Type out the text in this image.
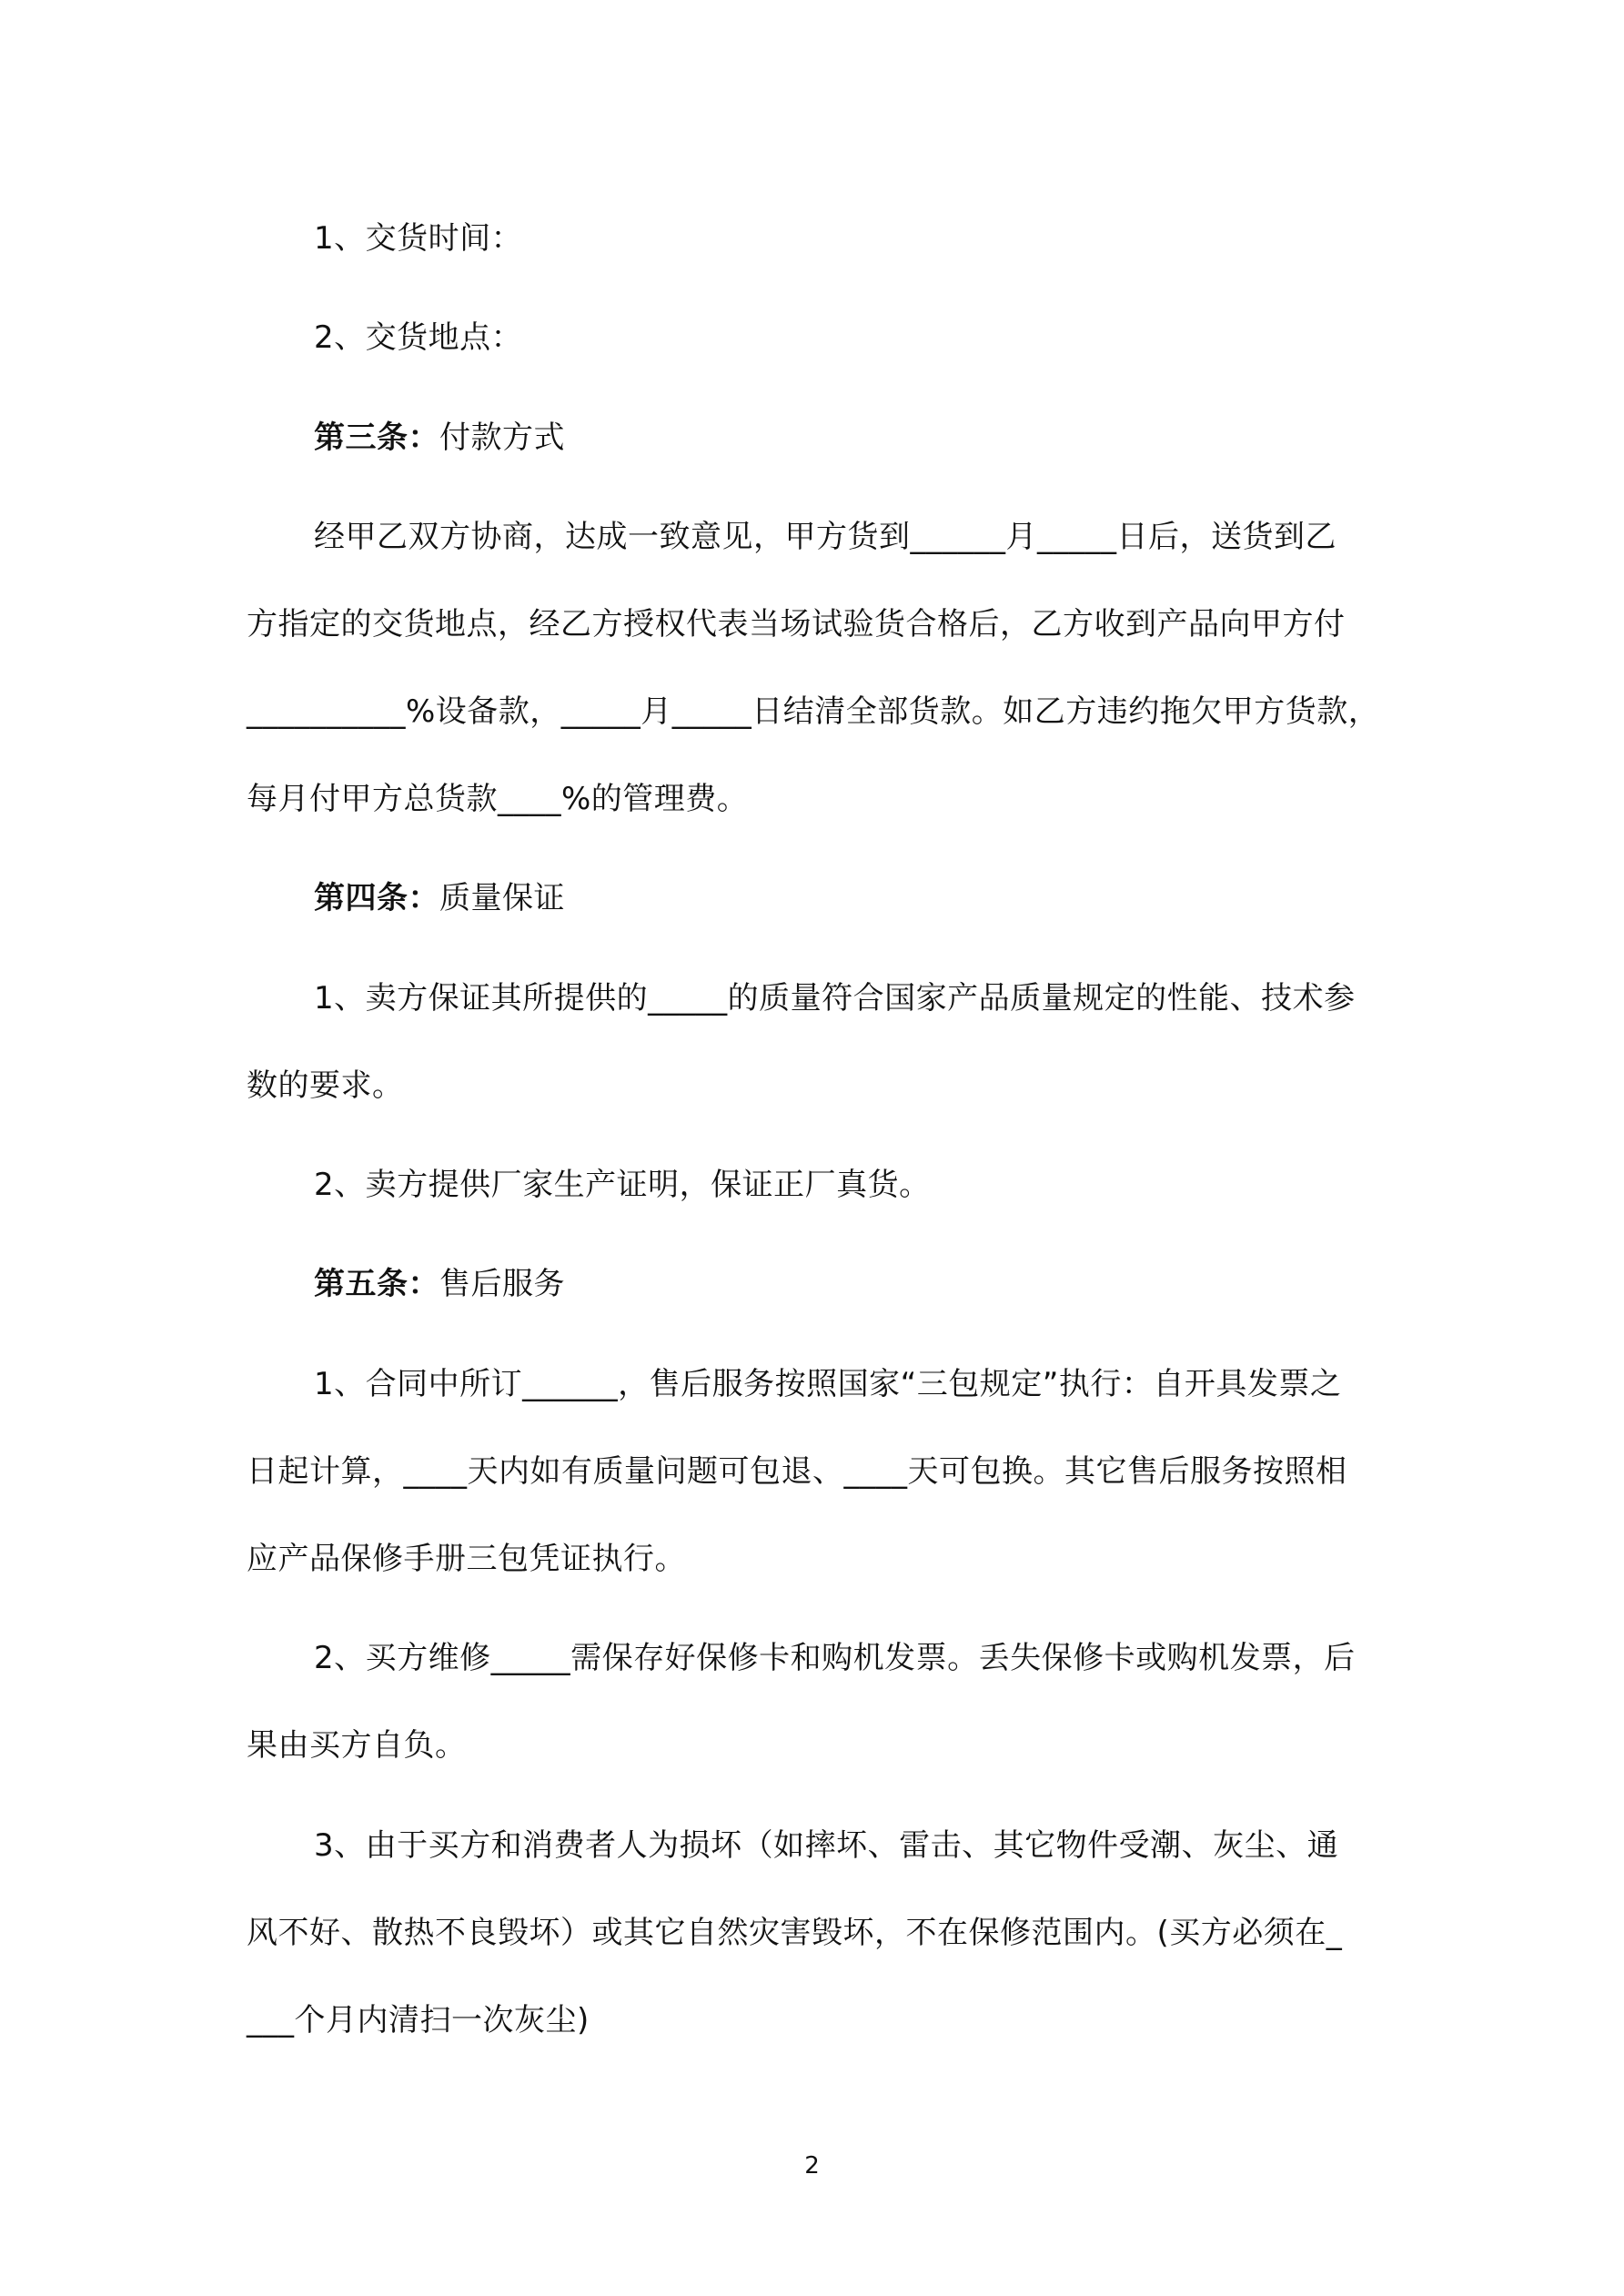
1、交货时间：
2、交货地点：
第三条：付款方式
经甲乙双方协商，达成一致意见，甲方货到______月_____日后，送货到乙
方指定的交货地点，经乙方授权代表当场试验货合格后，乙方收到产品向甲方付
__________%设备款，_____月_____日结清全部货款。如乙方违约拖欠甲方货款，
每月付甲方总货款____%的管理费。
第四条：质量保证
1、卖方保证其所提供的_____的质量符合国家产品质量规定的性能、技术参
数的要求。
2、卖方提供厂家生产证明，保证正厂真货。
第五条：售后服务
1、合同中所订______，售后服务按照国家“三包规定”执行：自开具发票之
日起计算，____天内如有质量问题可包退、____天可包换。其它售后服务按照相
应产品保修手册三包凭证执行。
2、买方维修_____需保存好保修卡和购机发票。丢失保修卡或购机发票，后
果由买方自负。
3、由于买方和消费者人为损坏（如摔坏、雷击、其它物件受潮、灰尘、通
风不好、散热不良毁坏）或其它自然灾害毁坏，不在保修范围内。(买方必须在_
___个月内清扫一次灰尘)
2
